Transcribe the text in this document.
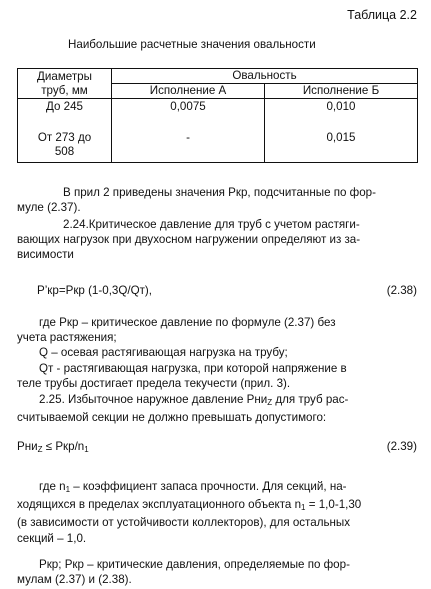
Таблица 2.2
Наибольшие расчетные значения овальности
Диаметры
труб, мм	Овальность	
	Исполнение А	Исполнение Б

До 245	0,0075	0,010

От 273 до
508	-	0,015
В прил 2 приведены значения Ркр, подсчитанные по фор-
муле (2.37).
2.24.Критическое давление для труб с учетом растяги-
вающих нагрузок при двухосном нагружении определяют из за-
висимости
Р’кр=Ркр (1-0,3Q/Qт),	(2.38)
где Ркр – критическое давление по формуле (2.37) без
учета растяжения;
Q – осевая растягивающая нагрузка на трубу;
Qт - растягивающая нагрузка, при которой напряжение в
теле трубы достигает предела текучести (прил. 3).
2.25. Избыточное наружное давление Рни$_Z$ для труб рас-
считываемой секции не должно превышать допустимого:
Рни$_Z$ ≤ Ркр/$n_1$	(2.39)
где $n_1$ – коэффициент запаса прочности. Для секций, на-
ходящихся в пределах эксплуатационного объекта $n_1 = 1,0-1,30$
(в зависимости от устойчивости коллекторов), для остальных
секций – 1,0.
Ркр; Ркр – критические давления, определяемые по фор-
мулам (2.37) и (2.38).
